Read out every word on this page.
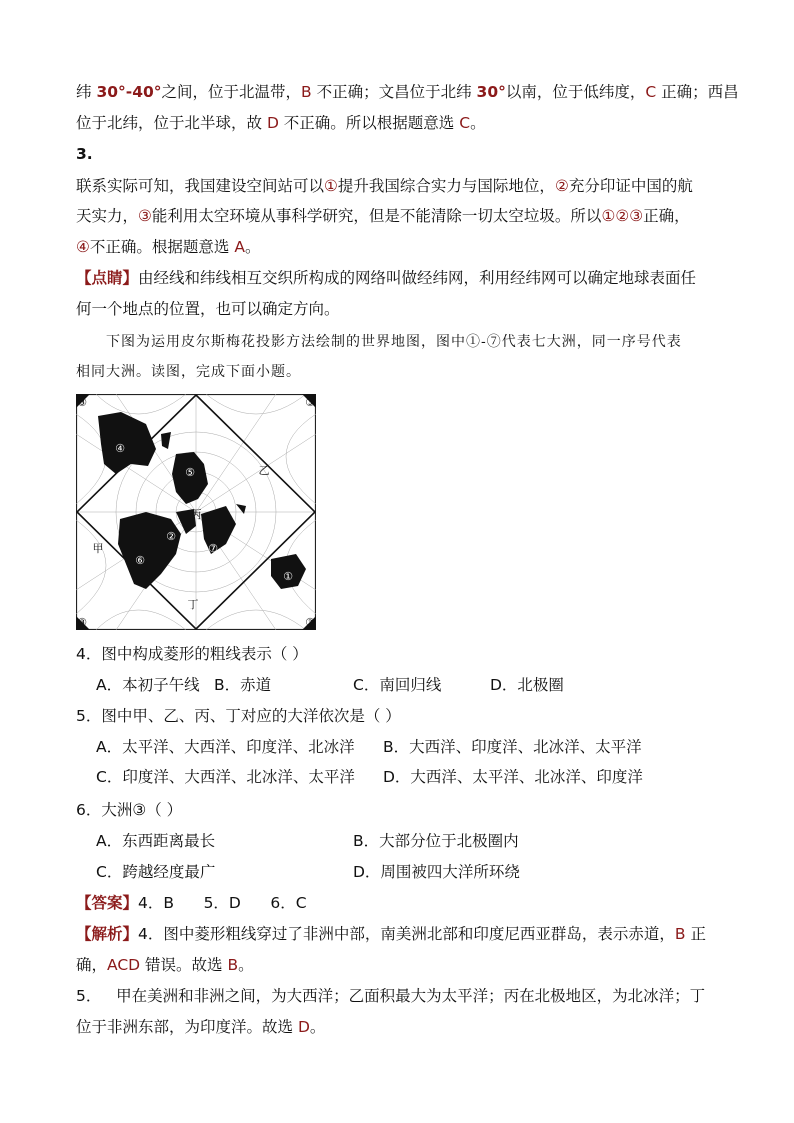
纬 30°-40°之间，位于北温带，B 不正确；文昌位于北纬 30°以南，位于低纬度，C 正确；西昌
位于北纬，位于北半球，故 D 不正确。所以根据题意选 C。
3.
联系实际可知，我国建设空间站可以①提升我国综合实力与国际地位，②充分印证中国的航
天实力，③能利用太空环境从事科学研究，但是不能清除一切太空垃圾。所以①②③正确，
④不正确。根据题意选 A。
【点睛】由经线和纬线相互交织所构成的网络叫做经纬网，利用经纬网可以确定地球表面任
何一个地点的位置，也可以确定方向。
下图为运用皮尔斯梅花投影方法绘制的世界地图，图中①-⑦代表七大洲，同一序号代表
相同大洲。读图，完成下面小题。
④
⑤
丙
⑥
②
⑦
①
③	③
③	③
甲
乙
丁
4．图中构成菱形的粗线表示（ ）
A．本初子午线 B．赤道	C．南回归线	D．北极圈
5．图中甲、乙、丙、丁对应的大洋依次是（ ）
A．太平洋、大西洋、印度洋、北冰洋 B．大西洋、印度洋、北冰洋、太平洋
C．印度洋、大西洋、北冰洋、太平洋 D．大西洋、太平洋、北冰洋、印度洋
6．大洲③（ ）
A．东西距离最长	B．大部分位于北极圈内
C．跨越经度最广	D．周围被四大洋所环绕
【答案】4．B      5．D      6．C
【解析】4．图中菱形粗线穿过了非洲中部，南美洲北部和印度尼西亚群岛，表示赤道，B 正
确，ACD 错误。故选 B。
5．   甲在美洲和非洲之间，为大西洋；乙面积最大为太平洋；丙在北极地区，为北冰洋；丁
位于非洲东部，为印度洋。故选 D。
